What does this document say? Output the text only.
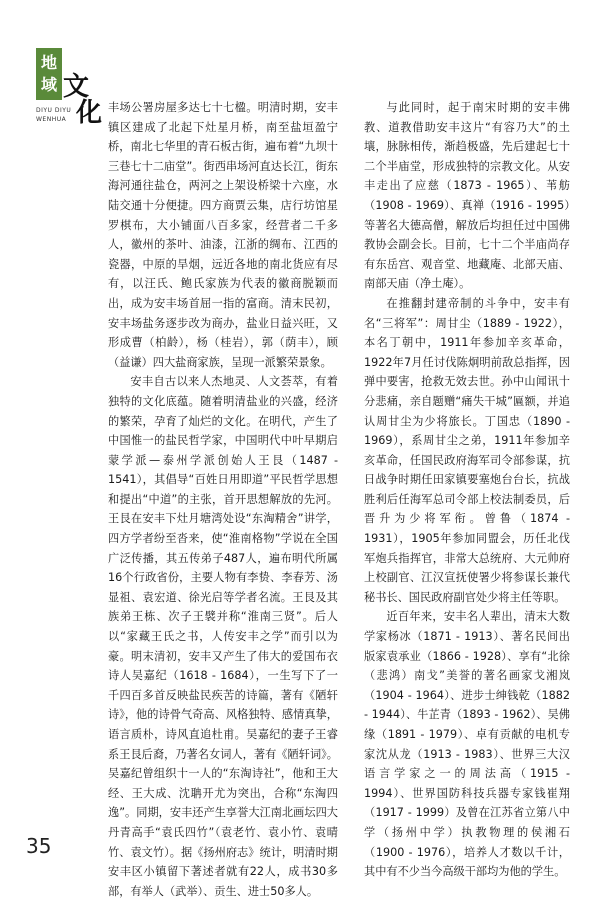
地
域 文
化
DIYU DIYU
WENHUA

丰场公署房屋多达七十七楹。明清时期，安丰镇区建成了北起下灶星月桥，南至盐垣盈宁桥，南北七华里的青石板古街，遍布着“九坝十三巷七十二庙堂”。街西串场河直达长江，街东海河通往盐仓，两河之上架设桥梁十六座，水陆交通十分便捷。四方商贾云集，店行坊馆星罗棋布，大小铺面八百多家，经营者二千多人，徽州的茶叶、油漆，江浙的绸布、江西的瓷器，中原的旱烟，远近各地的南北货应有尽有，以汪氏、鲍氏家族为代表的徽商脱颖而出，成为安丰场首屈一指的富商。清末民初，安丰场盐务逐步改为商办，盐业日益兴旺，又形成曹（柏龄），杨（桂岩），郭（荫丰），顾（益谦）四大盐商家族，呈现一派繁荣景象。

安丰自古以来人杰地灵、人文荟萃，有着独特的文化底蕴。随着明清盐业的兴盛，经济的繁荣，孕育了灿烂的文化。在明代，产生了中国惟一的盐民哲学家，中国明代中叶早期启蒙学派—泰州学派创始人王艮（1487 - 1541），其倡导“百姓日用即道”平民哲学思想和提出“中道”的主张，首开思想解放的先河。王艮在安丰下灶月塘湾处设“东淘精舍”讲学，四方学者纷至沓来，使“淮南格物”学说在全国广泛传播，其五传弟子487人，遍布明代所属16个行政省份，主要人物有李贽、李春芳、汤显祖、袁宏道、徐光启等学者名流。王艮及其族弟王栋、次子王襞并称“淮南三贤”。后人以“家藏王氏之书，人传安丰之学”而引以为豪。明末清初，安丰又产生了伟大的爱国布衣诗人吴嘉纪（1618 - 1684），一生写下了一千四百多首反映盐民疾苦的诗篇，著有《陋轩诗》，他的诗骨气奇高、风格独特、感情真挚，语言质朴，诗风直追杜甫。吴嘉纪的妻子王睿系王艮后裔，乃著名女词人，著有《陋轩词》。吴嘉纪曾组织十一人的“东淘诗社”，他和王大经、王大成、沈聃开尤为突出，合称“东淘四逸”。同期，安丰还产生享誉大江南北画坛四大丹青高手“袁氏四竹”（袁老竹、袁小竹、袁晴竹、袁文竹）。据《扬州府志》统计，明清时期安丰区小镇留下著述者就有22人，成书30多部，有举人（武举）、贡生、进士50多人。

与此同时，起于南宋时期的安丰佛教、道教借助安丰这片“有容乃大”的土壤，脉脉相传，渐趋极盛，先后建起七十二个半庙堂，形成独特的宗教文化。从安丰走出了应慈（1873 - 1965）、苇舫（1908 - 1969）、真禅（1916 - 1995）等著名大德高僧，解放后均担任过中国佛教协会副会长。目前，七十二个半庙尚存有东岳宫、观音堂、地藏庵、北部天庙、南部天庙（净土庵）。

在推翻封建帝制的斗争中，安丰有名“三将军”：周甘尘（1889 - 1922），本名丁朝中，1911年参加辛亥革命，1922年7月任讨伐陈炯明前敌总指挥，因弹中要害，抢救无效去世。孙中山闻讯十分悲痛，亲自题赠“痛失干城”匾额，并追认周甘尘为少将旅长。丁国忠（1890 - 1969），系周甘尘之弟，1911年参加辛亥革命，任国民政府海军司令部参谋，抗日战争时期任田家镇要塞炮台台长，抗战胜利后任海军总司令部上校法制委员，后晋升为少将军衔。曾鲁（1874 - 1931），1905年参加同盟会，历任北伐军炮兵指挥官，非常大总统府、大元帅府上校副官、江汉宣抚使署少将参谋长兼代秘书长、国民政府副官处少将主任等职。

近百年来，安丰名人辈出，清末大数学家杨冰（1871 - 1913）、著名民间出版家袁承业（1866 - 1928）、享有“北徐（悲鸿）南戈”美誉的著名画家戈湘岚（1904 - 1964）、进步士绅钱乾（1882 - 1944）、牛芷青（1893 - 1962）、吴佛缘（1891 - 1979）、卓有贡献的电机专家沈从龙（1913 - 1983）、世界三大汉语言学家之一的周法高（1915 - 1994）、世界国防科技兵器专家钱崔翔（1917 - 1999）及曾在江苏省立第八中学（扬州中学）执教物理的侯湘石（1900 - 1976），培养人才数以千计，其中有不少当今高级干部均为他的学生。

35
